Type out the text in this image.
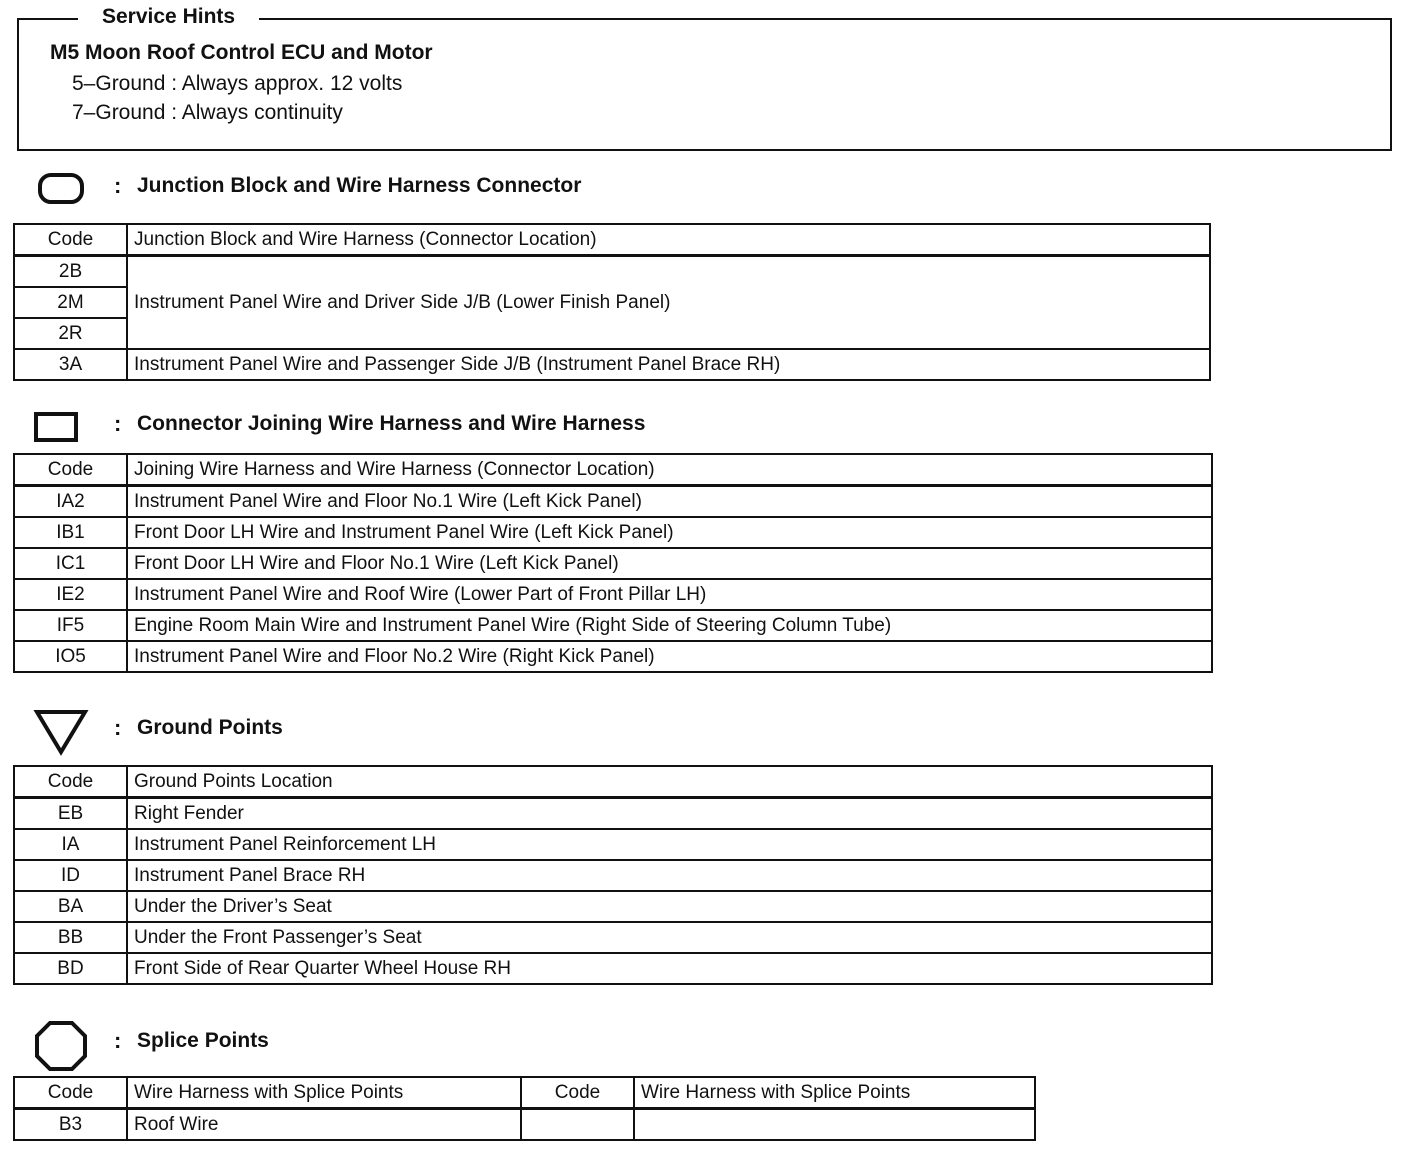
Service Hints
M5 Moon Roof Control ECU and Motor
5–Ground : Always approx. 12 volts
7–Ground : Always continuity
: Junction Block and Wire Harness Connector
Code	Junction Block and Wire Harness (Connector Location)
2B	Instrument Panel Wire and Driver Side J/B (Lower Finish Panel)
2M	
2R	
3A	Instrument Panel Wire and Passenger Side J/B (Instrument Panel Brace RH)
: Connector Joining Wire Harness and Wire Harness
Code	Joining Wire Harness and Wire Harness (Connector Location)
IA2	Instrument Panel Wire and Floor No.1 Wire (Left Kick Panel)
IB1	Front Door LH Wire and Instrument Panel Wire (Left Kick Panel)
IC1	Front Door LH Wire and Floor No.1 Wire (Left Kick Panel)
IE2	Instrument Panel Wire and Roof Wire (Lower Part of Front Pillar LH)
IF5	Engine Room Main Wire and Instrument Panel Wire (Right Side of Steering Column Tube)
IO5	Instrument Panel Wire and Floor No.2 Wire (Right Kick Panel)
: Ground Points
Code	Ground Points Location
EB	Right Fender
IA	Instrument Panel Reinforcement LH
ID	Instrument Panel Brace RH
BA	Under the Driver’s Seat
BB	Under the Front Passenger’s Seat
BD	Front Side of Rear Quarter Wheel House RH
: Splice Points
Code	Wire Harness with Splice Points	Code	Wire Harness with Splice Points
B3	Roof Wire		
